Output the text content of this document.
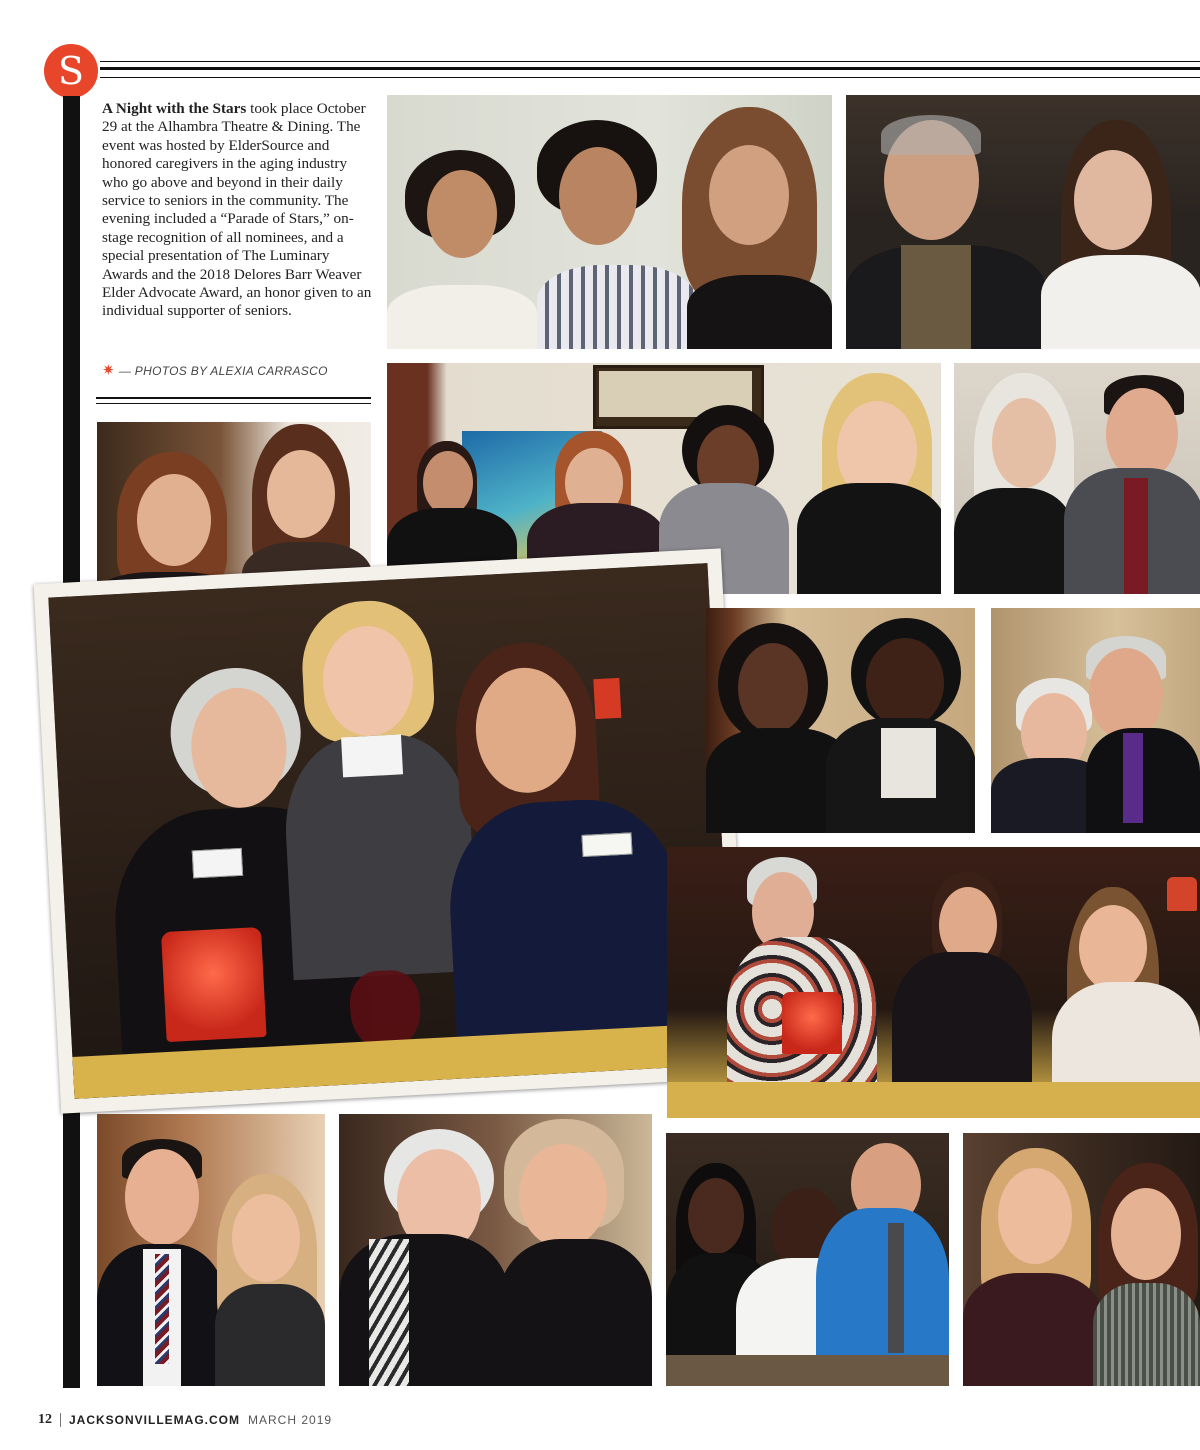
S
A Night with the Stars took place October 29 at the Alhambra Theatre & Dining. The event was hosted by ElderSource and honored caregivers in the aging industry who go above and beyond in their daily service to seniors in the community. The evening included a “Parade of Stars,” on-stage recognition of all nominees, and a special presentation of The Luminary Awards and the 2018 Delores Barr Weaver Elder Advocate Award, an honor given to an individual supporter of seniors.
✷ — PHOTOS BY ALEXIA CARRASCO
12 JACKSONVILLEMAG.COM MARCH 2019
